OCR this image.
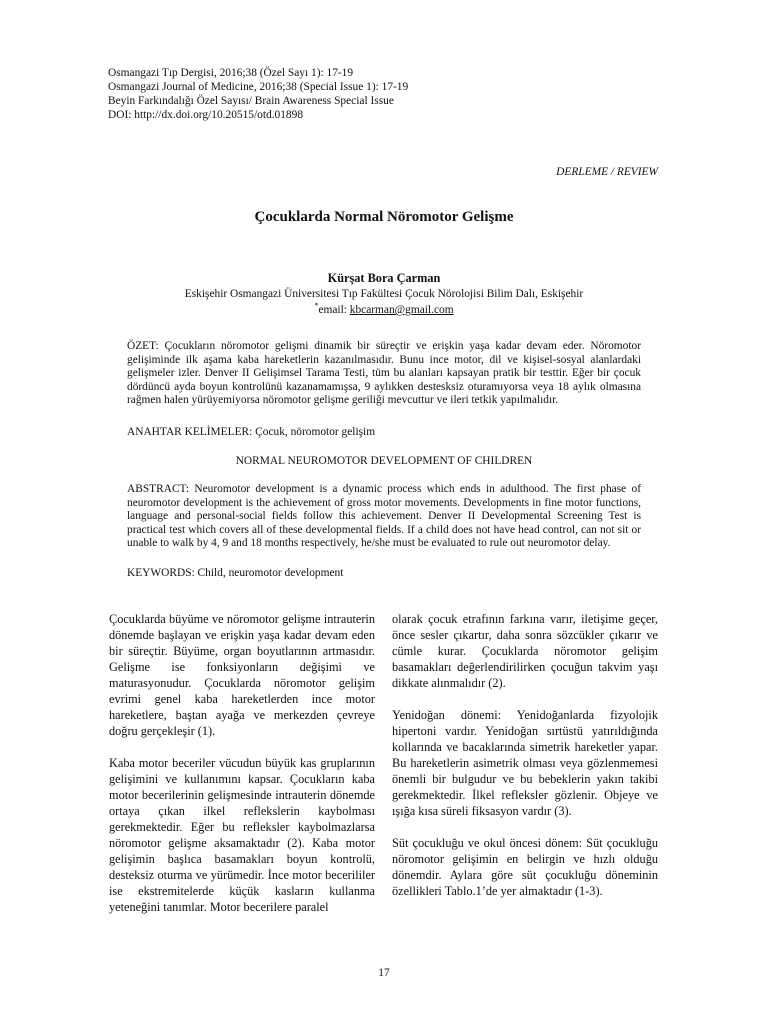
Osmangazi Tıp Dergisi, 2016;38 (Özel Sayı 1): 17-19
Osmangazi Journal of Medicine, 2016;38 (Special Issue 1): 17-19
Beyin Farkındalığı Özel Sayısı/ Brain Awareness Special Issue
DOI: http://dx.doi.org/10.20515/otd.01898
DERLEME / REVIEW
Çocuklarda Normal Nöromotor Gelişme
Kürşat Bora Çarman
Eskişehir Osmangazi Üniversitesi Tıp Fakültesi Çocuk Nörolojisi Bilim Dalı, Eskişehir
*email: kbcarman@gmail.com
ÖZET: Çocukların nöromotor gelişmi dinamik bir süreçtir ve erişkin yaşa kadar devam eder. Nöromotor gelişiminde ilk aşama kaba hareketlerin kazanılmasıdır. Bunu ince motor, dil ve kişisel-sosyal alanlardaki gelişmeler izler. Denver II Gelişimsel Tarama Testi, tüm bu alanları kapsayan pratik bir testtir. Eğer bir çocuk dördüncü ayda boyun kontrolünü kazanamamışsa, 9 aylıkken destesksiz oturamıyorsa veya 18 aylık olmasına rağmen halen yürüyemiyorsa nöromotor gelişme geriliği mevcuttur ve ileri tetkik yapılmalıdır.
ANAHTAR KELİMELER: Çocuk, nöromotor gelişim
NORMAL NEUROMOTOR DEVELOPMENT OF CHILDREN
ABSTRACT: Neuromotor development is a dynamic process which ends in adulthood. The first phase of neuromotor development is the achievement of gross motor movements. Developments in fine motor functions, language and personal-social fields follow this achievement. Denver II Developmental Screening Test is practical test which covers all of these developmental fields. If a child does not have head control, can not sit or unable to walk by 4, 9 and 18 months respectively, he/she must be evaluated to rule out neuromotor delay.
KEYWORDS: Child, neuromotor development

Çocuklarda büyüme ve nöromotor gelişme intrauterin dönemde başlayan ve erişkin yaşa kadar devam eden bir süreçtir. Büyüme, organ boyutlarının artmasıdır. Gelişme ise fonksiyonların değişimi ve maturasyonudur. Çocuklarda nöromotor gelişim evrimi genel kaba hareketlerden ince motor hareketlere, baştan ayağa ve merkezden çevreye doğru gerçekleşir (1).

Kaba motor beceriler vücudun büyük kas gruplarının gelişimini ve kullanımını kapsar. Çocukların kaba motor becerilerinin gelişmesinde intrauterin dönemde ortaya çıkan ilkel reflekslerin kaybolması gerekmektedir. Eğer bu refleksler kaybolmazlarsa nöromotor gelişme aksamaktadır (2). Kaba motor gelişimin başlıca basamakları boyun kontrolü, desteksiz oturma ve yürümedir. İnce motor becerililer ise ekstremitelerde küçük kasların kullanma yeteneğini tanımlar. Motor becerilere paralel

olarak çocuk etrafının farkına varır, iletişime geçer, önce sesler çıkartır, daha sonra sözcükler çıkarır ve cümle kurar. Çocuklarda nöromotor gelişim basamakları değerlendirilirken çocuğun takvim yaşı dikkate alınmalıdır (2).

Yenidoğan dönemi: Yenidoğanlarda fizyolojik hipertoni vardır. Yenidoğan sırtüstü yatırıldığında kollarında ve bacaklarında simetrik hareketler yapar. Bu hareketlerin asimetrik olması veya gözlenmemesi önemli bir bulgudur ve bu bebeklerin yakın takibi gerekmektedir. İlkel refleksler gözlenir. Objeye ve ışığa kısa süreli fiksasyon vardır (3).

Süt çocukluğu ve okul öncesi dönem: Süt çocukluğu nöromotor gelişimin en belirgin ve hızlı olduğu dönemdir. Aylara göre süt çocukluğu döneminin özellikleri Tablo.1’de yer almaktadır (1-3).

17
